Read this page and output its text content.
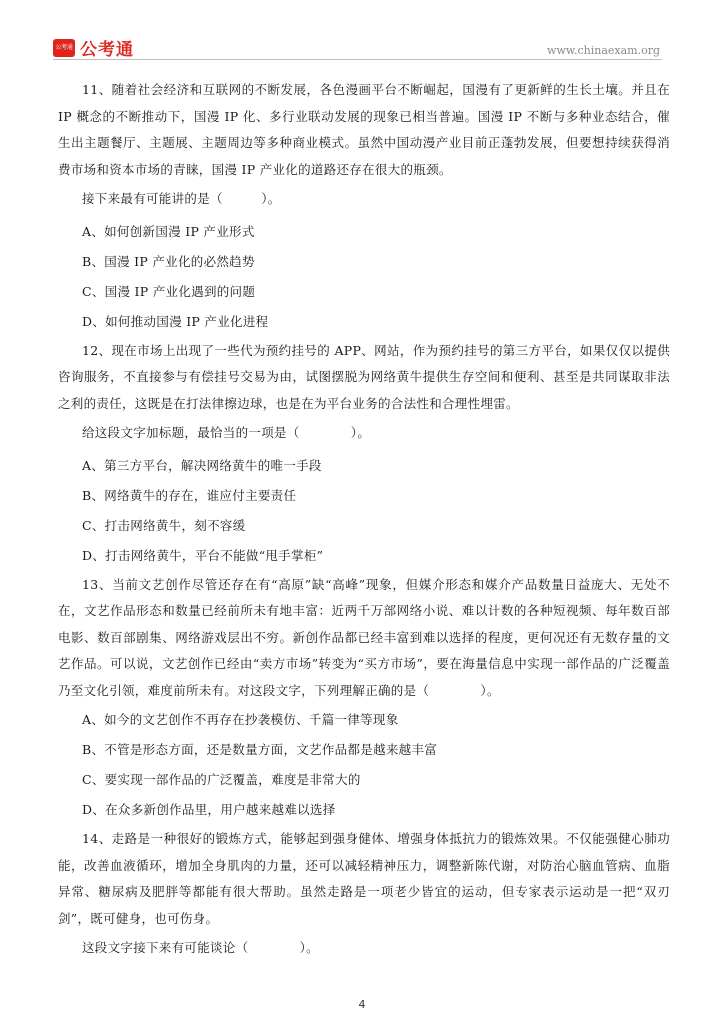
公考通 公考通	www.chinaexam.org

11、随着社会经济和互联网的不断发展，各色漫画平台不断崛起，国漫有了更新鲜的生长土壤。并且在 IP 概念的不断推动下，国漫 IP 化、多行业联动发展的现象已相当普遍。国漫 IP 不断与多种业态结合，催生出主题餐厅、主题展、主题周边等多种商业模式。虽然中国动漫产业目前正蓬勃发展，但要想持续获得消费市场和资本市场的青睐，国漫 IP 产业化的道路还存在很大的瓶颈。

接下来最有可能讲的是（　　　）。

A、如何创新国漫 IP 产业形式

B、国漫 IP 产业化的必然趋势

C、国漫 IP 产业化遇到的问题

D、如何推动国漫 IP 产业化进程

12、现在市场上出现了一些代为预约挂号的 APP、网站，作为预约挂号的第三方平台，如果仅仅以提供咨询服务，不直接参与有偿挂号交易为由，试图摆脱为网络黄牛提供生存空间和便利、甚至是共同谋取非法之利的责任，这既是在打法律擦边球，也是在为平台业务的合法性和合理性埋雷。

给这段文字加标题，最恰当的一项是（　　　　）。

A、第三方平台，解决网络黄牛的唯一手段

B、网络黄牛的存在，谁应付主要责任

C、打击网络黄牛，刻不容缓

D、打击网络黄牛，平台不能做“甩手掌柜”

13、当前文艺创作尽管还存在有“高原”缺“高峰”现象，但媒介形态和媒介产品数量日益庞大、无处不在，文艺作品形态和数量已经前所未有地丰富：近两千万部网络小说、难以计数的各种短视频、每年数百部电影、数百部剧集、网络游戏层出不穷。新创作品都已经丰富到难以选择的程度，更何况还有无数存量的文艺作品。可以说，文艺创作已经由“卖方市场”转变为“买方市场”，要在海量信息中实现一部作品的广泛覆盖乃至文化引领，难度前所未有。对这段文字，下列理解正确的是（　　　　）。

A、如今的文艺创作不再存在抄袭模仿、千篇一律等现象

B、不管是形态方面，还是数量方面，文艺作品都是越来越丰富

C、要实现一部作品的广泛覆盖，难度是非常大的

D、在众多新创作品里，用户越来越难以选择

14、走路是一种很好的锻炼方式，能够起到强身健体、增强身体抵抗力的锻炼效果。不仅能强健心肺功能，改善血液循环，增加全身肌肉的力量，还可以减轻精神压力，调整新陈代谢，对防治心脑血管病、血脂异常、糖尿病及肥胖等都能有很大帮助。虽然走路是一项老少皆宜的运动，但专家表示运动是一把“双刃剑”，既可健身，也可伤身。

这段文字接下来有可能谈论（　　　　）。

4
